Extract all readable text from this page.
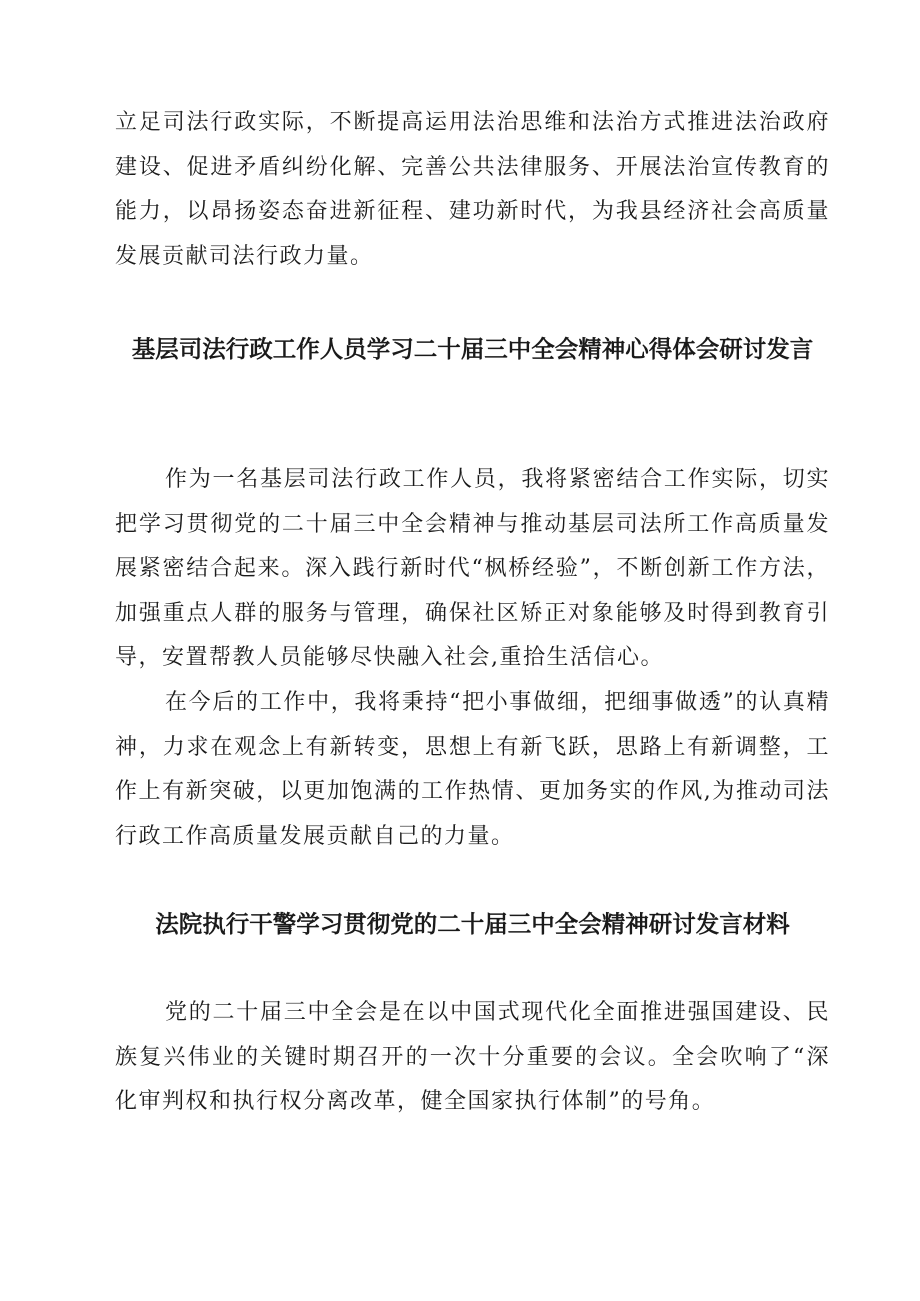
立足司法行政实际，不断提高运用法治思维和法治方式推进法治政府建设、促进矛盾纠纷化解、完善公共法律服务、开展法治宣传教育的能力，以昂扬姿态奋进新征程、建功新时代，为我县经济社会高质量发展贡献司法行政力量。

基层司法行政工作人员学习二十届三中全会精神心得体会研讨发言

作为一名基层司法行政工作人员，我将紧密结合工作实际，切实把学习贯彻党的二十届三中全会精神与推动基层司法所工作高质量发展紧密结合起来。深入践行新时代“枫桥经验”，不断创新工作方法，加强重点人群的服务与管理，确保社区矫正对象能够及时得到教育引导，安置帮教人员能够尽快融入社会,重拾生活信心。

在今后的工作中，我将秉持“把小事做细，把细事做透”的认真精神，力求在观念上有新转变，思想上有新飞跃，思路上有新调整，工作上有新突破，以更加饱满的工作热情、更加务实的作风,为推动司法行政工作高质量发展贡献自己的力量。

法院执行干警学习贯彻党的二十届三中全会精神研讨发言材料

党的二十届三中全会是在以中国式现代化全面推进强国建设、民族复兴伟业的关键时期召开的一次十分重要的会议。全会吹响了“深化审判权和执行权分离改革，健全国家执行体制”的号角。
